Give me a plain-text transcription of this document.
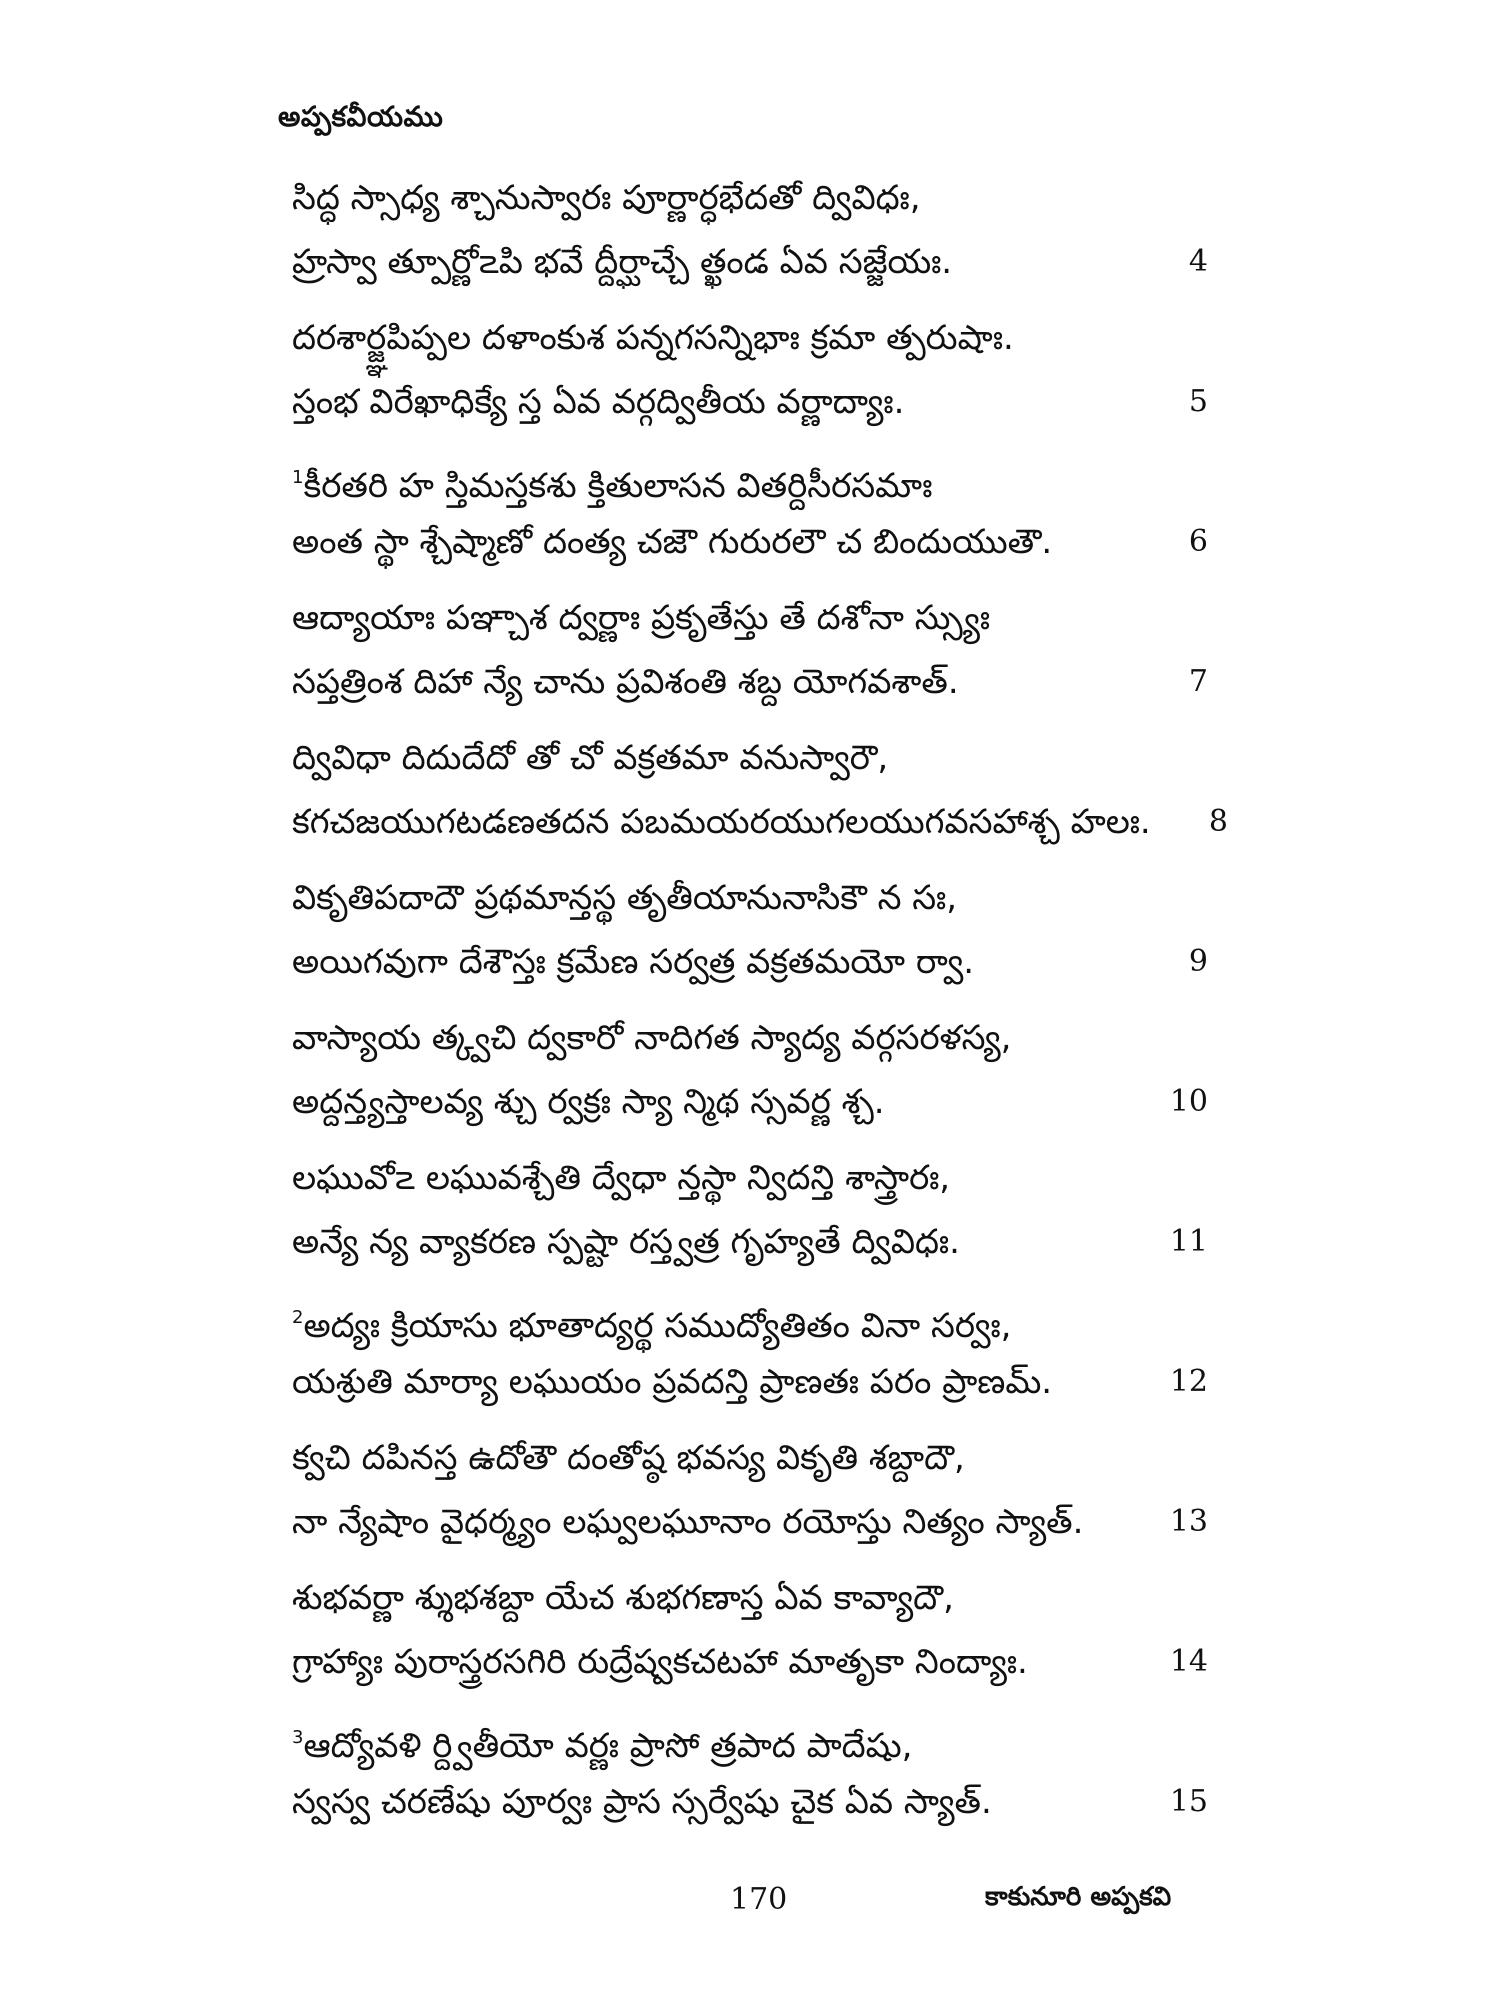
అప్పకవీయము
సిద్ధ స్సాధ్య శ్చానుస్వారః పూర్ణార్ధభేదతో ద్వివిధః,
హ్రస్వా త్పూర్ణో౽పి భవే ద్దీర్ఘాచ్చే త్ఖండ ఏవ సజ్జేయః.	4
దరశార్జ్ఞపిప్పల దళాంకుశ పన్నగసన్నిభాః క్రమా త్పరుషాః.
స్తంభ విరేఖాధిక్యే స్త ఏవ వర్గద్వితీయ వర్ణాద్యాః.	5
$^1$కీరతరి హ స్తిమస్తకశు క్తితులాసన వితర్దిసీరసమాః
అంత స్థా శ్చేష్మాణో దంత్య చజౌ గురురలౌ చ బిందుయుతౌ.	6
ఆద్యాయాః పఞ్చాశ ద్వర్ణాః ప్రకృతేస్తు తే దశోనా స్స్యుః
సప్తత్రింశ దిహా న్యే చాను ప్రవిశంతి శబ్ద యోగవశాత్.	7
ద్వివిధా దిదుదేదో తో చో వక్రతమా వనుస్వారౌ,
కగచజయుగటడణతదన పబమయరయుగలయుగవసహాశ్చ హలః. 8
వికృతిపదాదౌ ప్రథమాన్తస్థ తృతీయానునాసికౌ న సః,
అయిగవుగా దేశౌస్తః క్రమేణ సర్వత్ర వక్రతమయో ర్వా.	9
వాస్యాయ త్క్వచి ద్వకారో నాదిగత స్యాద్య వర్గసరళస్య,
అద్దన్త్యస్తాలవ్య శ్చు ర్వక్రః స్యా న్మిథ స్సవర్ణ శ్చ.	10
లఘువో౽ లఘువశ్చేతి ద్వేధా న్తస్థా న్విదన్తి శాస్త్రారః,
అన్యే న్య వ్యాకరణ స్పష్టా రస్త్వత్ర గృహ్యతే ద్వివిధః.	11
$^2$అద్యః క్రియాసు భూతాద్యర్థ సముద్యోతితం వినా సర్వః,
యశ్రుతి మార్యా లఘుయం ప్రవదన్తి ప్రాణతః పరం ప్రాణమ్.	12
క్వచి దపినస్త ఉదోతౌ దంతోష్ఠ భవస్య వికృతి శబ్దాదౌ,
నా న్యేషాం వైధర్మ్యం లఘ్వలఘూనాం రయోస్తు నిత్యం స్యాత్.	13
శుభవర్ణా శ్శుభశబ్దా యేచ శుభగణాస్త ఏవ కావ్యాదౌ,
గ్రాహ్యాః పురాస్త్రరసగిరి రుద్రేష్వకచటహా మాతృకా నింద్యాః.	14
$^3$ఆద్యోవళి ర్ద్వితీయో వర్ణః ప్రాసో త్రపాద పాదేషు,
స్వస్వ చరణేషు పూర్వః ప్రాస స్సర్వేషు చైక ఏవ స్యాత్.	15
170	కాకునూరి అప్పకవి
